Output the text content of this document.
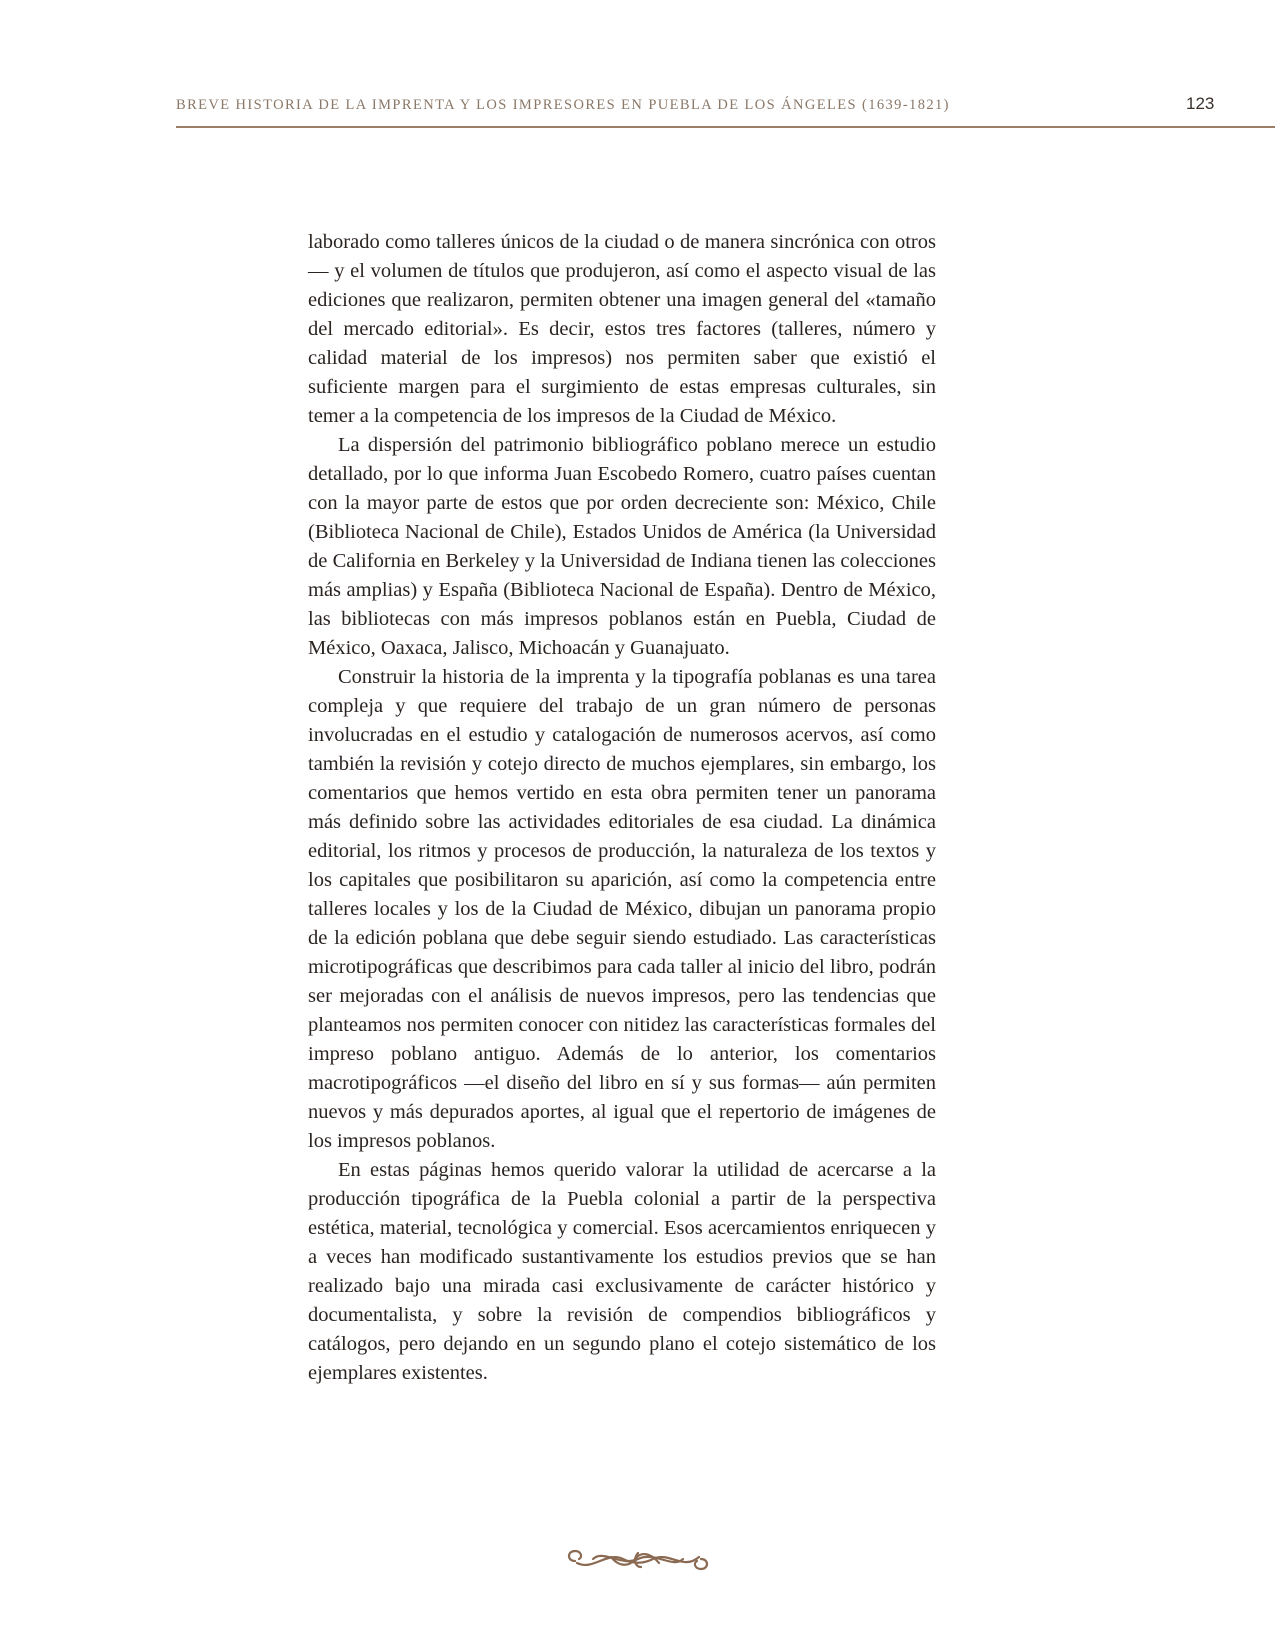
BREVE HISTORIA DE LA IMPRENTA Y LOS IMPRESORES EN PUEBLA DE LOS ÁNGELES (1639-1821)	123

laborado como talleres únicos de la ciudad o de manera sincrónica con otros— y el volumen de títulos que produjeron, así como el aspecto visual de las ediciones que realizaron, permiten obtener una imagen general del «tamaño del mercado editorial». Es decir, estos tres factores (talleres, número y calidad material de los impresos) nos permiten saber que existió el suficiente margen para el surgimiento de estas empresas culturales, sin temer a la competencia de los impresos de la Ciudad de México.

La dispersión del patrimonio bibliográfico poblano merece un estudio detallado, por lo que informa Juan Escobedo Romero, cuatro países cuentan con la mayor parte de estos que por orden decreciente son: México, Chile (Biblioteca Nacional de Chile), Estados Unidos de América (la Universidad de California en Berkeley y la Universidad de Indiana tienen las colecciones más amplias) y España (Biblioteca Nacional de España). Dentro de México, las bibliotecas con más impresos poblanos están en Puebla, Ciudad de México, Oaxaca, Jalisco, Michoacán y Guanajuato.

Construir la historia de la imprenta y la tipografía poblanas es una tarea compleja y que requiere del trabajo de un gran número de personas involucradas en el estudio y catalogación de numerosos acervos, así como también la revisión y cotejo directo de muchos ejemplares, sin embargo, los comentarios que hemos vertido en esta obra permiten tener un panorama más definido sobre las actividades editoriales de esa ciudad. La dinámica editorial, los ritmos y procesos de producción, la naturaleza de los textos y los capitales que posibilitaron su aparición, así como la competencia entre talleres locales y los de la Ciudad de México, dibujan un panorama propio de la edición poblana que debe seguir siendo estudiado. Las características microtipográficas que describimos para cada taller al inicio del libro, podrán ser mejoradas con el análisis de nuevos impresos, pero las tendencias que planteamos nos permiten conocer con nitidez las características formales del impreso poblano antiguo. Además de lo anterior, los comentarios macrotipográficos —el diseño del libro en sí y sus formas— aún permiten nuevos y más depurados aportes, al igual que el repertorio de imágenes de los impresos poblanos.

En estas páginas hemos querido valorar la utilidad de acercarse a la producción tipográfica de la Puebla colonial a partir de la perspectiva estética, material, tecnológica y comercial. Esos acercamientos enriquecen y a veces han modificado sustantivamente los estudios previos que se han realizado bajo una mirada casi exclusivamente de carácter histórico y documentalista, y sobre la revisión de compendios bibliográficos y catálogos, pero dejando en un segundo plano el cotejo sistemático de los ejemplares existentes.
